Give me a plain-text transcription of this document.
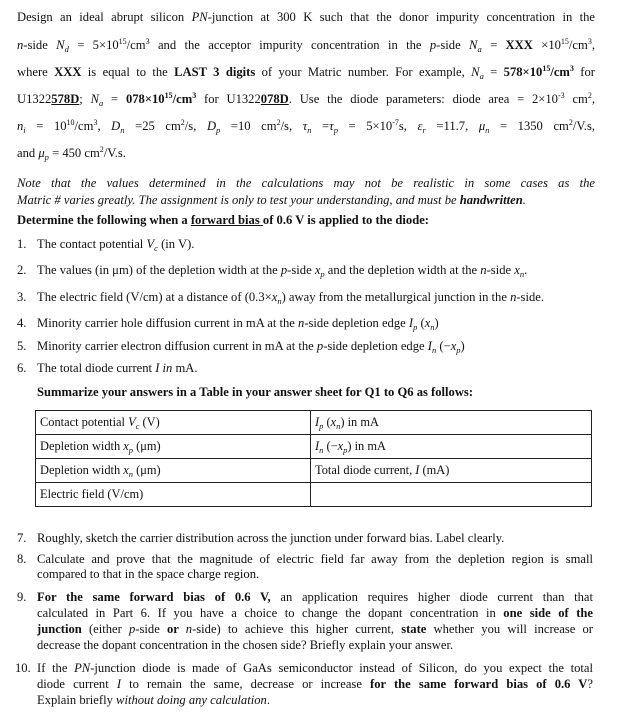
Design an ideal abrupt silicon PN-junction at 300 K such that the donor impurity concentration in the
n-side $N_d = 5\times 10^{15}/cm^3$ and the acceptor impurity concentration in the p-side $N_a$ = XXX $\times 10^{15}/cm^3$,
where XXX is equal to the LAST 3 digits of your Matric number. For example, $N_a = 578\times 10^{15}/cm^3$ for
U1322578D; $N_a = 078\times 10^{15}/cm^3$ for U1322078D. Use the diode parameters: diode area = $2\times 10^{-3}$ $cm^2$,
$n_i = 10^{10}/cm^3$, $D_n =25$ $cm^2/s$, $D_p =10$ $cm^2/s$, $\tau_n =\tau_p = 5\times 10^{-7}s$, $\varepsilon_r =11.7$, $\mu_n = 1350$ $cm^2/V.s$,
and $\mu_p = 450$ $cm^2/V.s$.
Note that the values determined in the calculations may not be realistic in some cases as the
Matric # varies greatly. The assignment is only to test your understanding, and must be handwritten.
Determine the following when a forward bias of 0.6 V is applied to the diode:
1. The contact potential $V_c$ (in V).
2. The values (in μm) of the depletion width at the p-side $x_p$ and the depletion width at the n-side $x_n$.
3. The electric field (V/cm) at a distance of $(0.3\times x_n)$ away from the metallurgical junction in the n-side.
4. Minority carrier hole diffusion current in mA at the n-side depletion edge $I_p$ $(x_n)$
5. Minority carrier electron diffusion current in mA at the p-side depletion edge $I_n$ $(-x_p)$
6. The total diode current I in mA.
Summarize your answers in a Table in your answer sheet for Q1 to Q6 as follows:
Contact potential $V_c$ (V)	$I_p$ $(x_n)$ in mA
Depletion width $x_p$ (μm)	$I_n$ $(-x_p)$ in mA
Depletion width $x_n$ (μm)	Total diode current, I (mA)
Electric field (V/cm)	
7. Roughly, sketch the carrier distribution across the junction under forward bias. Label clearly.
8. Calculate and prove that the magnitude of electric field far away from the depletion region is small
compared to that in the space charge region.
9. For the same forward bias of 0.6 V, an application requires higher diode current than that
calculated in Part 6. If you have a choice to change the dopant concentration in one side of the
junction (either p-side or n-side) to achieve this higher current, state whether you will increase or
decrease the dopant concentration in the chosen side? Briefly explain your answer.
10. If the PN-junction diode is made of GaAs semiconductor instead of Silicon, do you expect the total
diode current I to remain the same, decrease or increase for the same forward bias of 0.6 V?
Explain briefly without doing any calculation.
